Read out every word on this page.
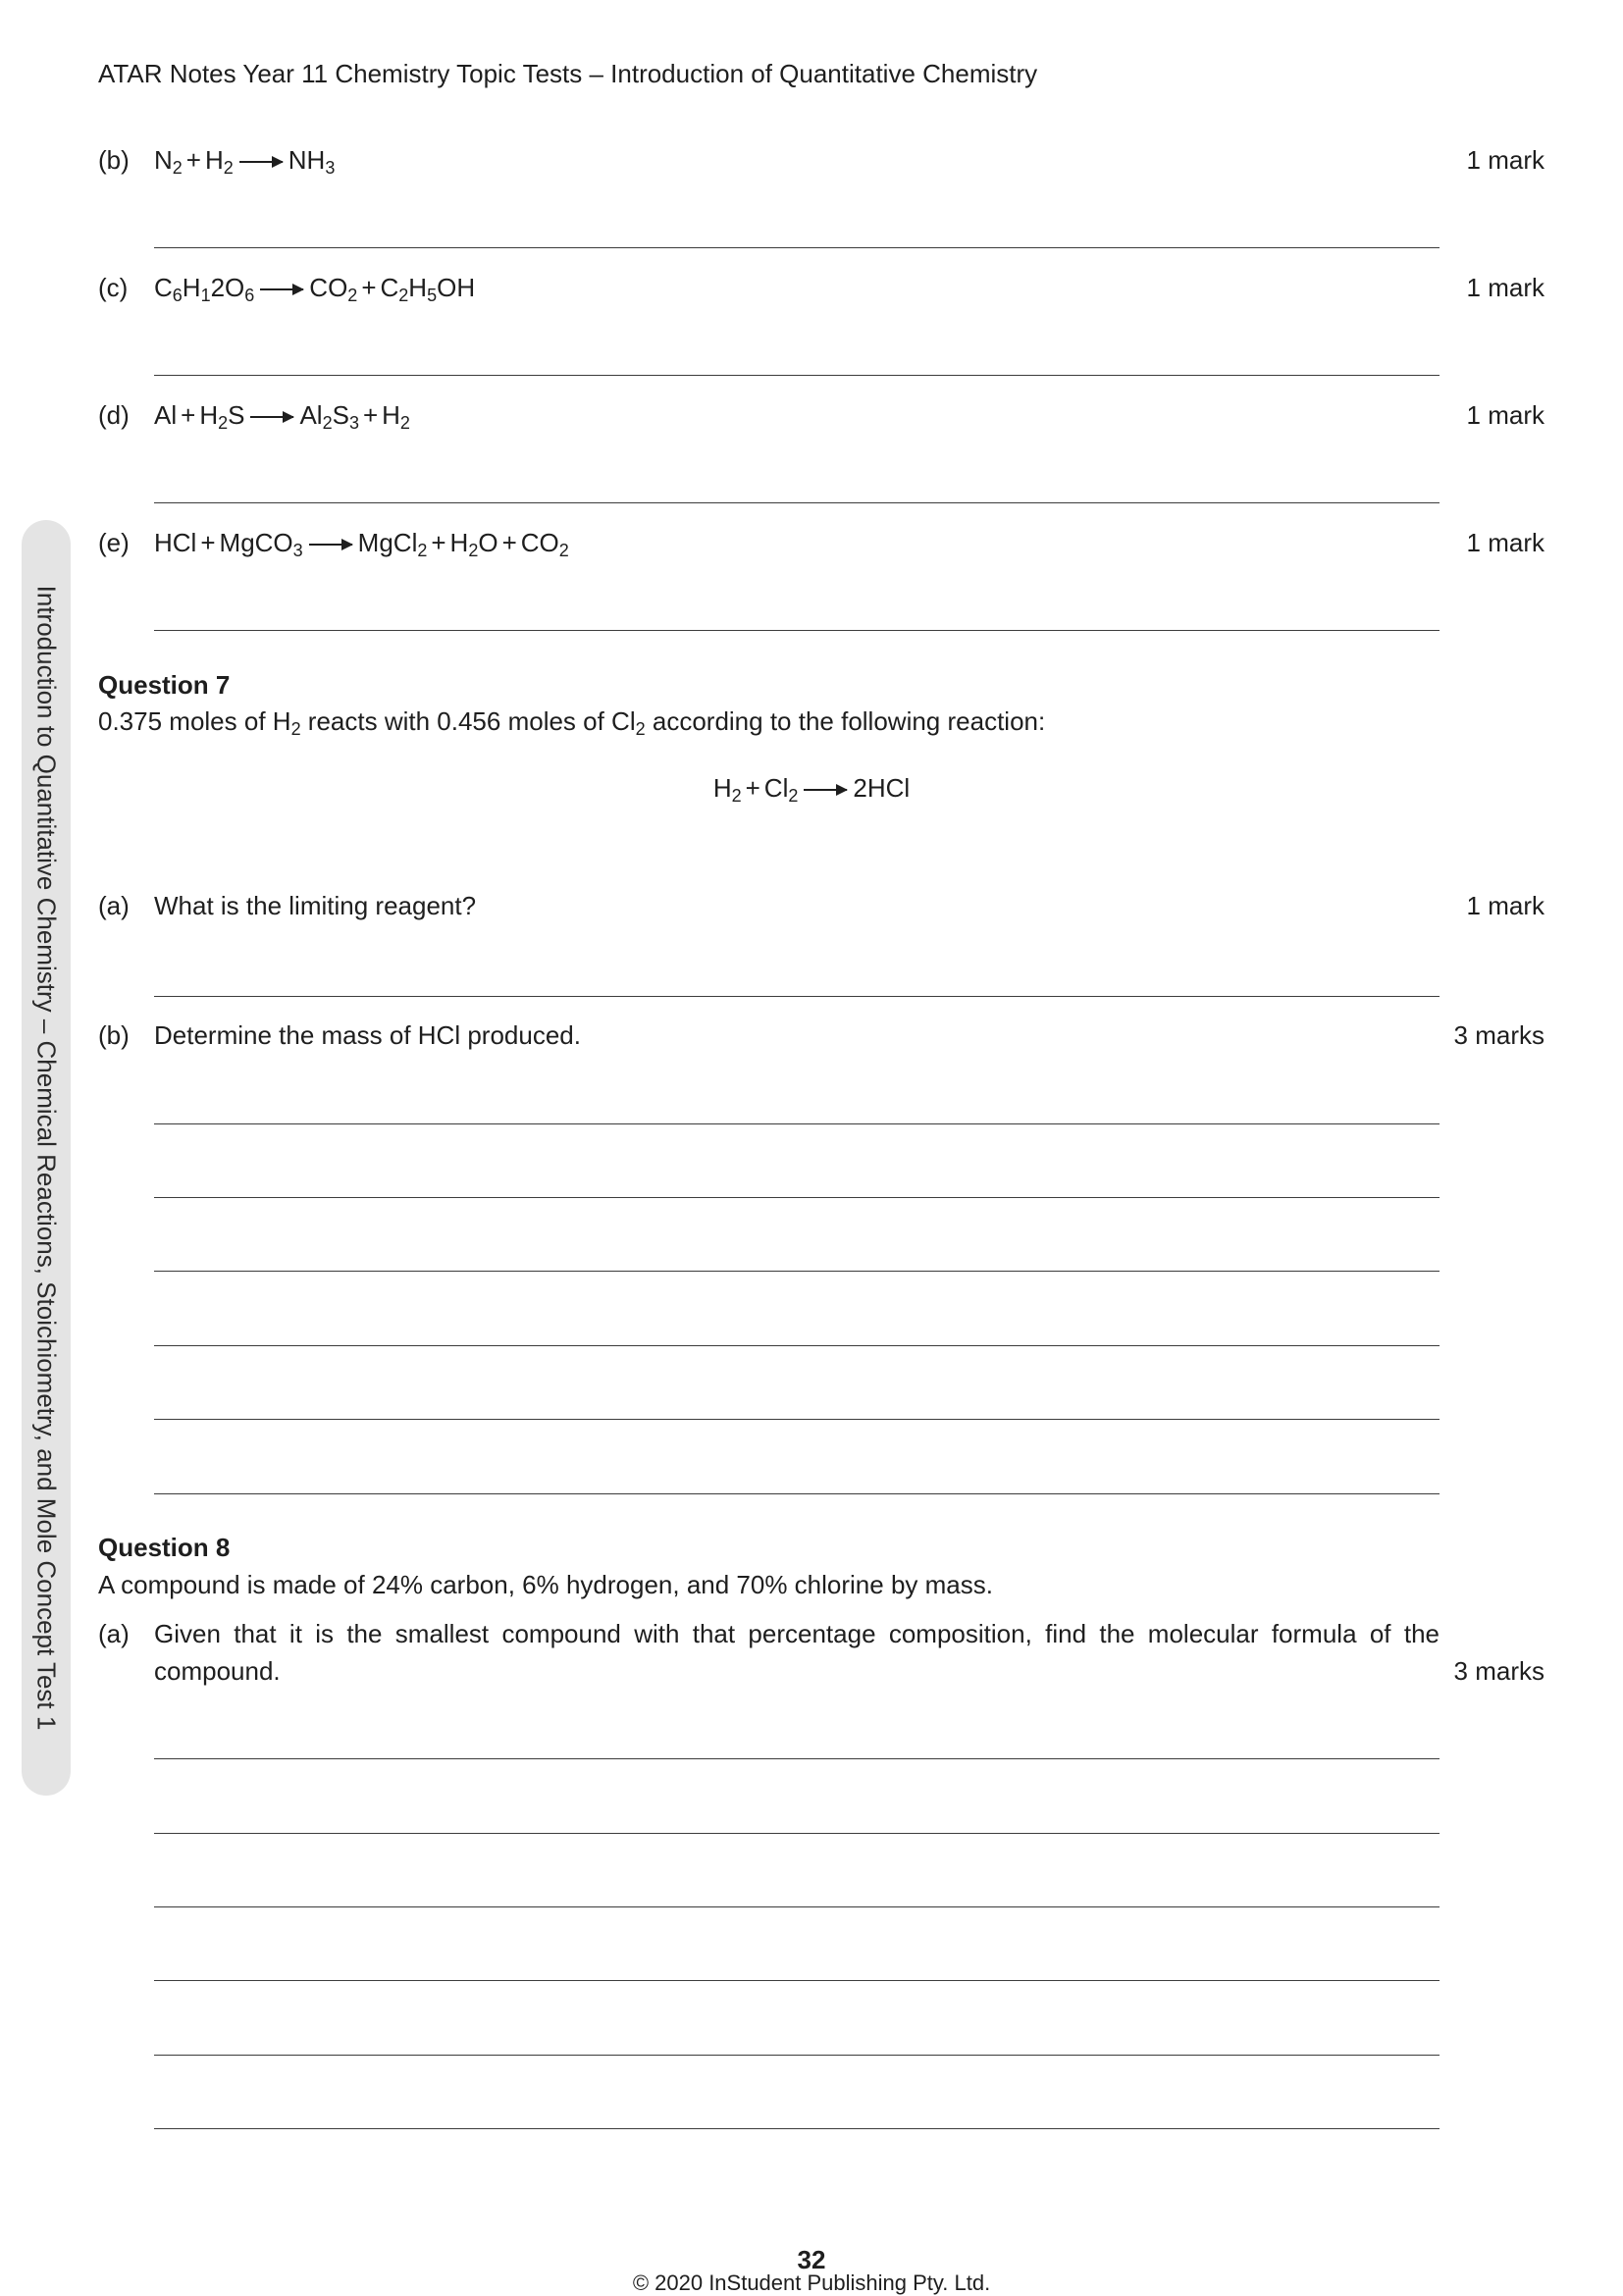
ATAR Notes Year 11 Chemistry Topic Tests – Introduction of Quantitative Chemistry
Introduction to Quantitative Chemistry – Chemical Reactions, Stoichiometry, and Mole Concept Test 1
(b) $N_2 + H_2 \to NH_3$	1 mark
(c) $C_6H_12O_6 \to CO_2 + C_2H_5OH$	1 mark
(d) $Al + H_2S \to Al_2S_3 + H_2$	1 mark
(e) HCl + MgCO$_3$ → MgCl$_2$ + $H_2O + CO_2$	1 mark
Question 7
0.375 moles of $H_2$ reacts with 0.456 moles of $Cl_2$ according to the following reaction:
$H_2 + Cl_2 \to 2HCl$
(a) What is the limiting reagent?	1 mark
(b) Determine the mass of HCl produced.	3 marks
Question 8
A compound is made of 24% carbon, 6% hydrogen, and 70% chlorine by mass.
(a) Given that it is the smallest compound with that percentage composition, find the molecular formula of the
compound.	3 marks
32
© 2020 InStudent Publishing Pty. Ltd.
